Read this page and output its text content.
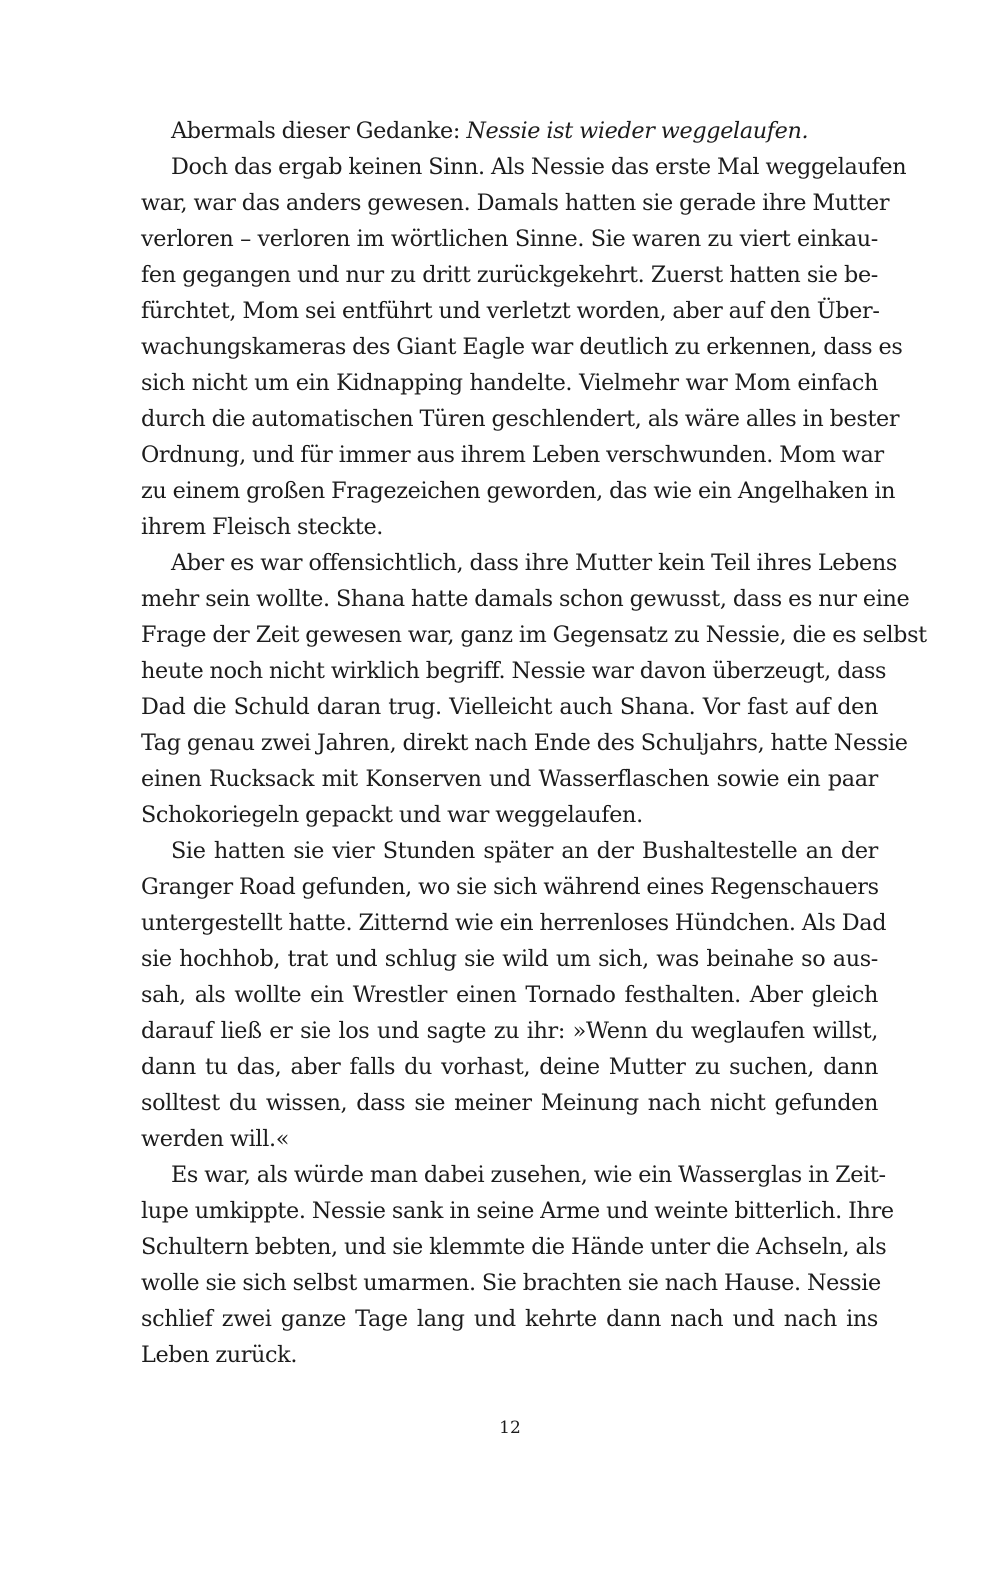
Abermals dieser Gedanke: Nessie ist wieder weggelaufen.
Doch das ergab keinen Sinn. Als Nessie das erste Mal weggelaufen
war, war das anders gewesen. Damals hatten sie gerade ihre Mutter
verloren – verloren im wörtlichen Sinne. Sie waren zu viert einkau-
fen gegangen und nur zu dritt zurückgekehrt. Zuerst hatten sie be-
fürchtet, Mom sei entführt und verletzt worden, aber auf den Über-
wachungskameras des Giant Eagle war deutlich zu erkennen, dass es
sich nicht um ein Kidnapping handelte. Vielmehr war Mom einfach
durch die automatischen Türen geschlendert, als wäre alles in bester
Ordnung, und für immer aus ihrem Leben verschwunden. Mom war
zu einem großen Fragezeichen geworden, das wie ein Angelhaken in
ihrem Fleisch steckte.
Aber es war offensichtlich, dass ihre Mutter kein Teil ihres Lebens
mehr sein wollte. Shana hatte damals schon gewusst, dass es nur eine
Frage der Zeit gewesen war, ganz im Gegensatz zu Nessie, die es selbst
heute noch nicht wirklich begriff. Nessie war davon überzeugt, dass
Dad die Schuld daran trug. Vielleicht auch Shana. Vor fast auf den
Tag genau zwei Jahren, direkt nach Ende des Schuljahrs, hatte Nessie
einen Rucksack mit Konserven und Wasserflaschen sowie ein paar
Schokoriegeln gepackt und war weggelaufen.
Sie hatten sie vier Stunden später an der Bushaltestelle an der
Granger Road gefunden, wo sie sich während eines Regenschauers
untergestellt hatte. Zitternd wie ein herrenloses Hündchen. Als Dad
sie hochhob, trat und schlug sie wild um sich, was beinahe so aus-
sah, als wollte ein Wrestler einen Tornado festhalten. Aber gleich
darauf ließ er sie los und sagte zu ihr: »Wenn du weglaufen willst,
dann tu das, aber falls du vorhast, deine Mutter zu suchen, dann
solltest du wissen, dass sie meiner Meinung nach nicht gefunden
werden will.«
Es war, als würde man dabei zusehen, wie ein Wasserglas in Zeit-
lupe umkippte. Nessie sank in seine Arme und weinte bitterlich. Ihre
Schultern bebten, und sie klemmte die Hände unter die Achseln, als
wolle sie sich selbst umarmen. Sie brachten sie nach Hause. Nessie
schlief zwei ganze Tage lang und kehrte dann nach und nach ins
Leben zurück.
12
